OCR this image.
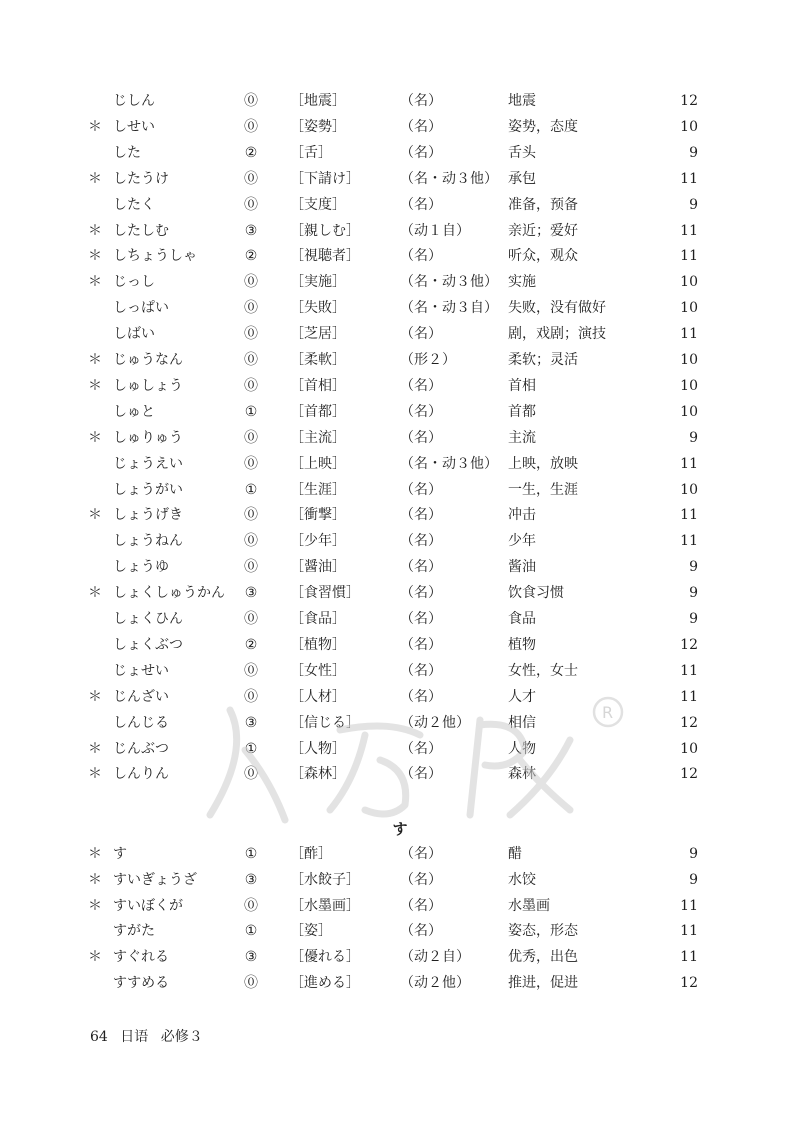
じしん	⓪ ［地震］	（名）	地震	12
＊ しせい	⓪ ［姿勢］	（名）	姿势，态度	10
した	② ［舌］	（名）	舌头	9
＊ したうけ	⓪ ［下請け］	（名・动３他） 承包	11
したく	⓪ ［支度］	（名）	准备，预备	9
＊ したしむ	③ ［親しむ］	（动１自）	亲近；爱好	11
＊ しちょうしゃ	② ［視聴者］	（名）	听众，观众	11
＊ じっし	⓪ ［実施］	（名・动３他） 实施	10
しっぱい	⓪ ［失敗］	（名・动３自） 失败，没有做好	10
しばい	⓪ ［芝居］	（名）	剧，戏剧；演技	11
＊ じゅうなん	⓪ ［柔軟］	（形２）	柔软；灵活	10
＊ しゅしょう	⓪ ［首相］	（名）	首相	10
しゅと	① ［首都］	（名）	首都	10
＊ しゅりゅう	⓪ ［主流］	（名）	主流	9
じょうえい	⓪ ［上映］	（名・动３他） 上映，放映	11
しょうがい	① ［生涯］	（名）	一生，生涯	10
＊ しょうげき	⓪ ［衝撃］	（名）	冲击	11
しょうねん	⓪ ［少年］	（名）	少年	11
しょうゆ	⓪ ［醤油］	（名）	酱油	9
＊ しょくしゅうかん ③ ［食習慣］	（名）	饮食习惯	9
しょくひん	⓪ ［食品］	（名）	食品	9
しょくぶつ	② ［植物］	（名）	植物	12
じょせい	⓪ ［女性］	（名）	女性，女士	11
＊ じんざい	⓪ ［人材］	（名）	人才	11
しんじる	③ ［信じる］	（动２他）	相信	12
＊ じんぶつ	① ［人物］	（名）	人物	10
＊ しんりん	⓪ ［森林］	（名）	森林	12
す
＊ す	① ［酢］	（名）	醋	9
＊ すいぎょうざ	③ ［水餃子］	（名）	水饺	9
＊ すいぼくが	⓪ ［水墨画］	（名）	水墨画	11
すがた	① ［姿］	（名）	姿态，形态	11
＊ すぐれる	③ ［優れる］	（动２自）	优秀，出色	11
すすめる	⓪ ［進める］	（动２他）	推进，促进	12
R
64 日语 必修３
